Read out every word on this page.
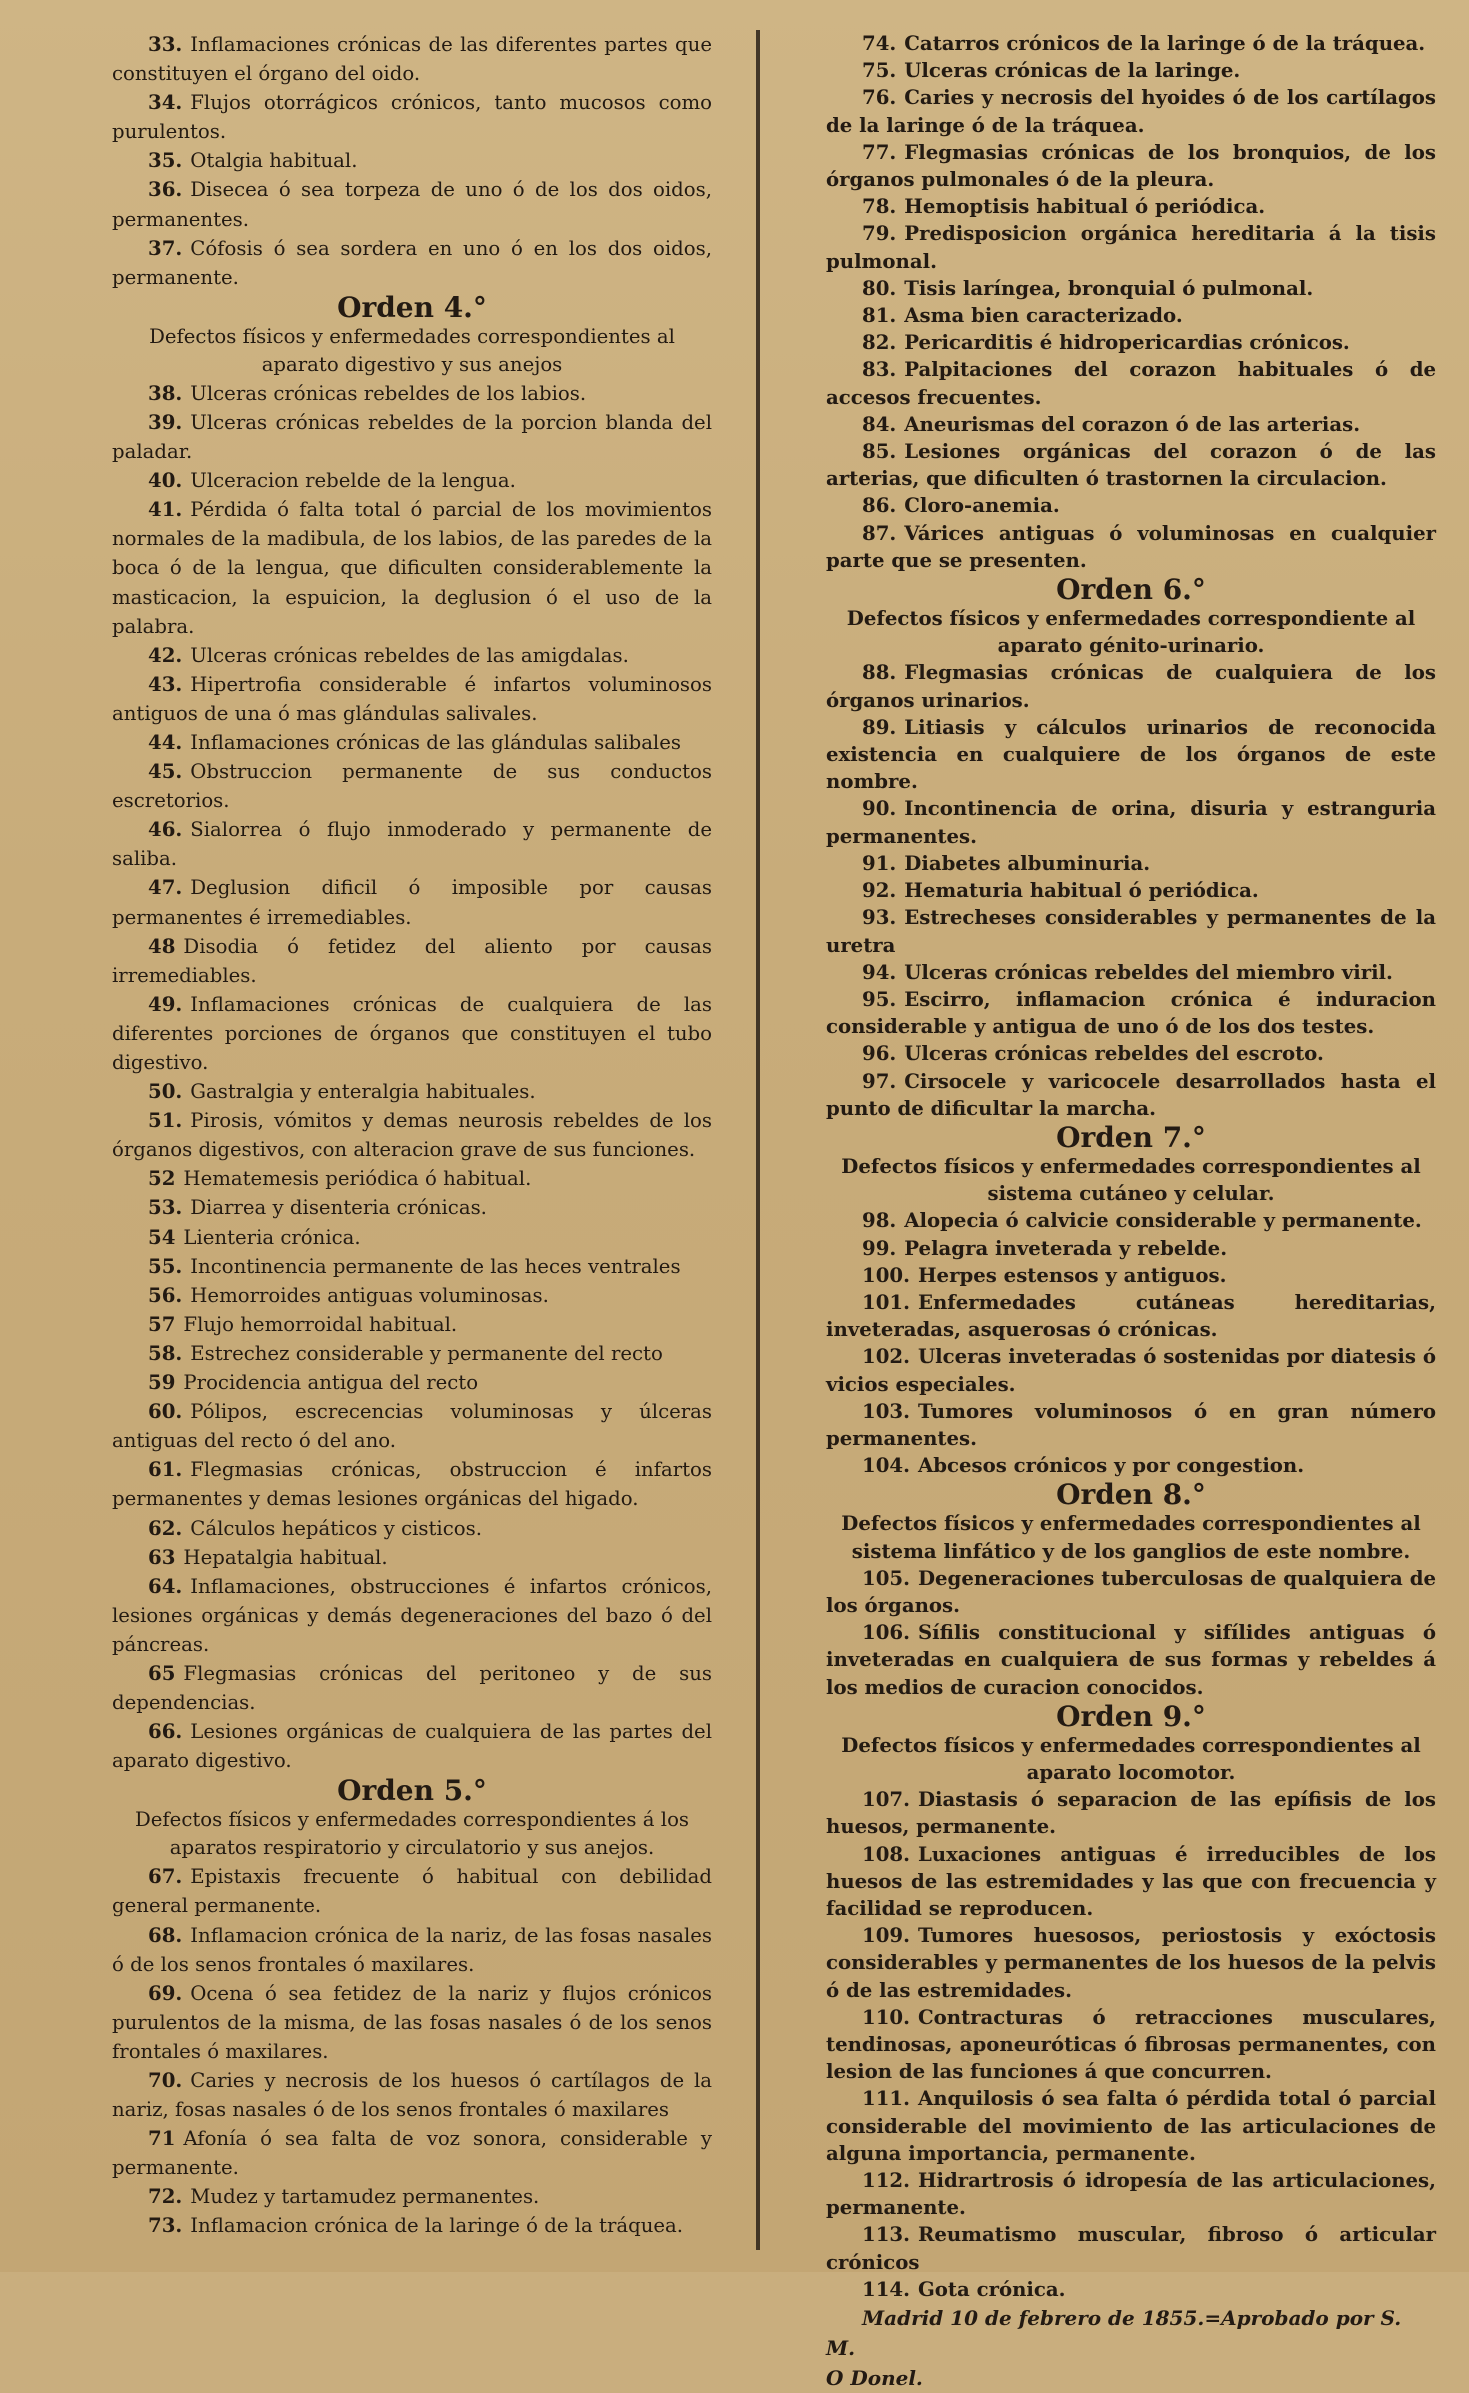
33. Inflamaciones crónicas de las diferentes partes que constituyen el órgano del oido.

34. Flujos otorrágicos crónicos, tanto mucosos como purulentos.

35. Otalgia habitual.

36. Disecea ó sea torpeza de uno ó de los dos oidos, permanentes.

37. Cófosis ó sea sordera en uno ó en los dos oidos, permanente.

Orden 4.°

Defectos físicos y enfermedades correspondientes al aparato digestivo y sus anejos

38. Ulceras crónicas rebeldes de los labios.

39. Ulceras crónicas rebeldes de la porcion blanda del paladar.

40. Ulceracion rebelde de la lengua.

41. Pérdida ó falta total ó parcial de los movimientos normales de la madibula, de los labios, de las paredes de la boca ó de la lengua, que dificulten considerablemente la masticacion, la espuicion, la deglusion ó el uso de la palabra.

42. Ulceras crónicas rebeldes de las amigdalas.

43. Hipertrofia considerable é infartos voluminosos antiguos de una ó mas glándulas salivales.

44. Inflamaciones crónicas de las glándulas salibales

45. Obstruccion permanente de sus conductos escretorios.

46. Sialorrea ó flujo inmoderado y permanente de saliba.

47. Deglusion dificil ó imposible por causas permanentes é irremediables.

48 Disodia ó fetidez del aliento por causas irremediables.

49. Inflamaciones crónicas de cualquiera de las diferentes porciones de órganos que constituyen el tubo digestivo.

50. Gastralgia y enteralgia habituales.

51. Pirosis, vómitos y demas neurosis rebeldes de los órganos digestivos, con alteracion grave de sus funciones.

52 Hematemesis periódica ó habitual.

53. Diarrea y disenteria crónicas.

54 Lienteria crónica.

55. Incontinencia permanente de las heces ventrales

56. Hemorroides antiguas voluminosas.

57 Flujo hemorroidal habitual.

58. Estrechez considerable y permanente del recto

59 Procidencia antigua del recto

60. Pólipos, escrecencias voluminosas y úlceras antiguas del recto ó del ano.

61. Flegmasias crónicas, obstruccion é infartos permanentes y demas lesiones orgánicas del higado.

62. Cálculos hepáticos y cisticos.

63 Hepatalgia habitual.

64. Inflamaciones, obstrucciones é infartos crónicos, lesiones orgánicas y demás degeneraciones del bazo ó del páncreas.

65 Flegmasias crónicas del peritoneo y de sus dependencias.

66. Lesiones orgánicas de cualquiera de las partes del aparato digestivo.

Orden 5.°

Defectos físicos y enfermedades correspondientes á los aparatos respiratorio y circulatorio y sus anejos.

67. Epistaxis frecuente ó habitual con debilidad general permanente.

68. Inflamacion crónica de la nariz, de las fosas nasales ó de los senos frontales ó maxilares.

69. Ocena ó sea fetidez de la nariz y flujos crónicos purulentos de la misma, de las fosas nasales ó de los senos frontales ó maxilares.

70. Caries y necrosis de los huesos ó cartílagos de la nariz, fosas nasales ó de los senos frontales ó maxilares

71 Afonía ó sea falta de voz sonora, considerable y permanente.

72. Mudez y tartamudez permanentes.

73. Inflamacion crónica de la laringe ó de la tráquea.

74. Catarros crónicos de la laringe ó de la tráquea.

75. Ulceras crónicas de la laringe.

76. Caries y necrosis del hyoides ó de los cartílagos de la laringe ó de la tráquea.

77. Flegmasias crónicas de los bronquios, de los órganos pulmonales ó de la pleura.

78. Hemoptisis habitual ó periódica.

79. Predisposicion orgánica hereditaria á la tisis pulmonal.

80. Tisis laríngea, bronquial ó pulmonal.

81. Asma bien caracterizado.

82. Pericarditis é hidropericardias crónicos.

83. Palpitaciones del corazon habituales ó de accesos frecuentes.

84. Aneurismas del corazon ó de las arterias.

85. Lesiones orgánicas del corazon ó de las arterias, que dificulten ó trastornen la circulacion.

86. Cloro-anemia.

87. Várices antiguas ó voluminosas en cualquier parte que se presenten.

Orden 6.°

Defectos físicos y enfermedades correspondiente al aparato génito-urinario.

88. Flegmasias crónicas de cualquiera de los órganos urinarios.

89. Litiasis y cálculos urinarios de reconocida existencia en cualquiere de los órganos de este nombre.

90. Incontinencia de orina, disuria y estranguria permanentes.

91. Diabetes albuminuria.

92. Hematuria habitual ó periódica.

93. Estrecheses considerables y permanentes de la uretra

94. Ulceras crónicas rebeldes del miembro viril.

95. Escirro, inflamacion crónica é induracion considerable y antigua de uno ó de los dos testes.

96. Ulceras crónicas rebeldes del escroto.

97. Cirsocele y varicocele desarrollados hasta el punto de dificultar la marcha.

Orden 7.°

Defectos físicos y enfermedades correspondientes al sistema cutáneo y celular.

98. Alopecia ó calvicie considerable y permanente.

99. Pelagra inveterada y rebelde.

100. Herpes estensos y antiguos.

101. Enfermedades cutáneas hereditarias, inveteradas, asquerosas ó crónicas.

102. Ulceras inveteradas ó sostenidas por diatesis ó vicios especiales.

103. Tumores voluminosos ó en gran número permanentes.

104. Abcesos crónicos y por congestion.

Orden 8.°

Defectos físicos y enfermedades correspondientes al sistema linfático y de los ganglios de este nombre.

105. Degeneraciones tuberculosas de qualquiera de los órganos.

106. Sífilis constitucional y sifílides antiguas ó inveteradas en cualquiera de sus formas y rebeldes á los medios de curacion conocidos.

Orden 9.°

Defectos físicos y enfermedades correspondientes al aparato locomotor.

107. Diastasis ó separacion de las epífisis de los huesos, permanente.

108. Luxaciones antiguas é irreducibles de los huesos de las estremidades y las que con frecuencia y facilidad se reproducen.

109. Tumores huesosos, periostosis y exóctosis considerables y permanentes de los huesos de la pelvis ó de las estremidades.

110. Contracturas ó retracciones musculares, tendinosas, aponeuróticas ó fibrosas permanentes, con lesion de las funciones á que concurren.

111. Anquilosis ó sea falta ó pérdida total ó parcial considerable del movimiento de las articulaciones de alguna importancia, permanente.

112. Hidrartrosis ó idropesía de las articulaciones, permanente.

113. Reumatismo muscular, fibroso ó articular crónicos

114. Gota crónica.

Madrid 10 de febrero de 1855.=Aprobado por S. M.

O Donel.
